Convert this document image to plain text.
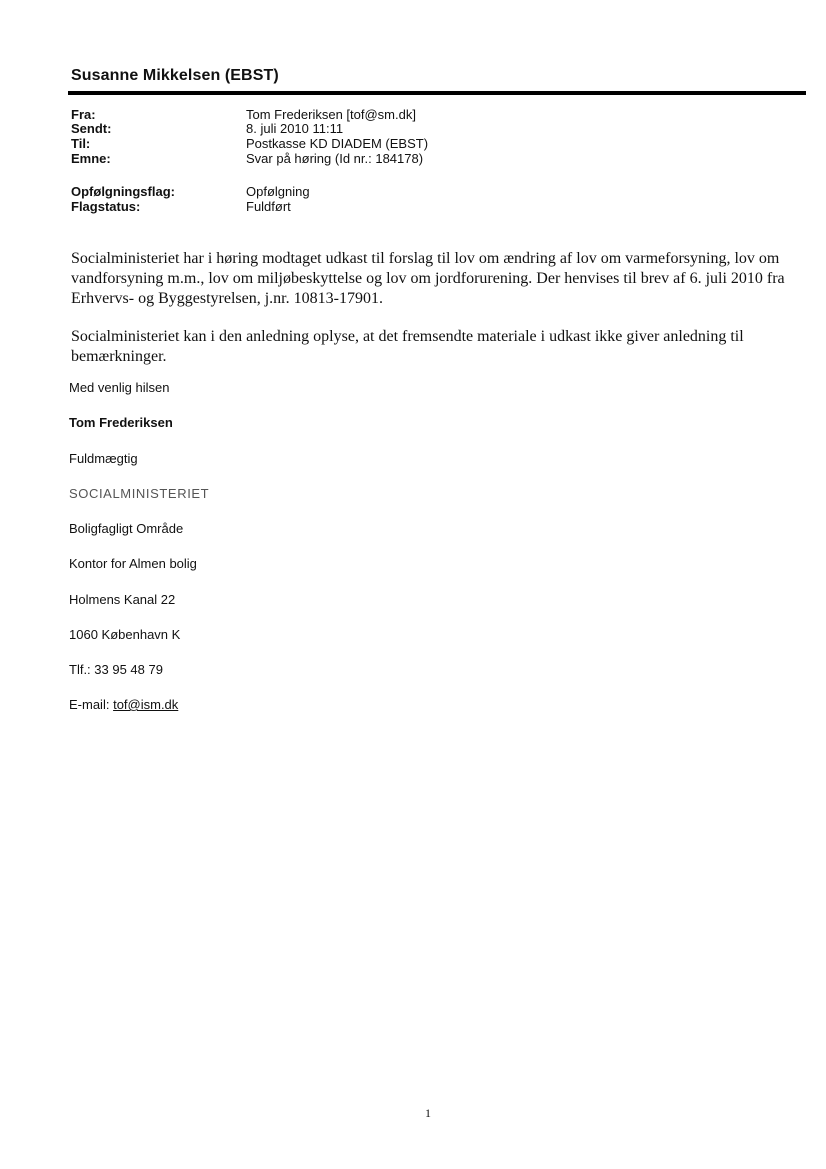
Susanne Mikkelsen (EBST)
Fra:	Tom Frederiksen [tof@sm.dk]
Sendt:	8. juli 2010 11:11
Til:	Postkasse KD DIADEM (EBST)
Emne:	Svar på høring (Id nr.: 184178)
Opfølgningsflag:	Opfølgning
Flagstatus:	Fuldført

Socialministeriet har i høring modtaget udkast til forslag til lov om ændring af lov om varmeforsyning, lov om vandforsyning m.m., lov om miljøbeskyttelse og lov om jordforurening. Der henvises til brev af 6. juli 2010 fra Erhvervs- og Byggestyrelsen, j.nr. 10813-17901.

Socialministeriet kan i den anledning oplyse, at det fremsendte materiale i udkast ikke giver anledning til bemærkninger.

Med venlig hilsen
Tom Frederiksen
Fuldmægtig
SOCIALMINISTERIET
Boligfagligt Område
Kontor for Almen bolig
Holmens Kanal 22
1060 København K
Tlf.: 33 95 48 79
E-mail: tof@ism.dk
1
